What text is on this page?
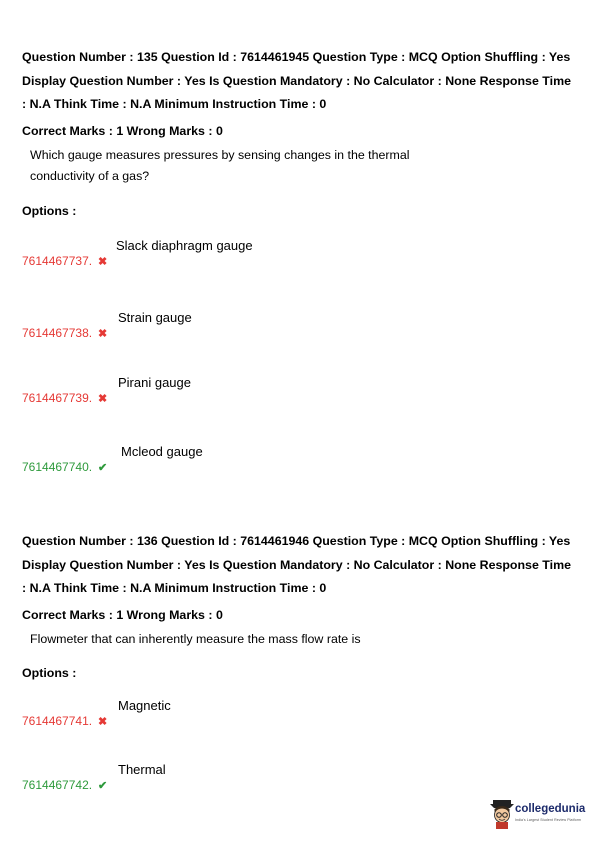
Question Number : 135 Question Id : 7614461945 Question Type : MCQ Option Shuffling : Yes Display Question Number : Yes Is Question Mandatory : No Calculator : None Response Time : N.A Think Time : N.A Minimum Instruction Time : 0

Correct Marks : 1 Wrong Marks : 0
Which gauge measures pressures by sensing changes in the thermal conductivity of a gas?
Options :
7614467737. ✖
Slack diaphragm gauge
7614467738. ✖
Strain gauge
7614467739. ✖
Pirani gauge
7614467740. ✔
Mcleod gauge

Question Number : 136 Question Id : 7614461946 Question Type : MCQ Option Shuffling : Yes Display Question Number : Yes Is Question Mandatory : No Calculator : None Response Time : N.A Think Time : N.A Minimum Instruction Time : 0

Correct Marks : 1 Wrong Marks : 0
Flowmeter that can inherently measure the mass flow rate is
Options :
7614467741. ✖
Magnetic
7614467742. ✔
Thermal
collegedunia
India's Largest Student Review Platform
